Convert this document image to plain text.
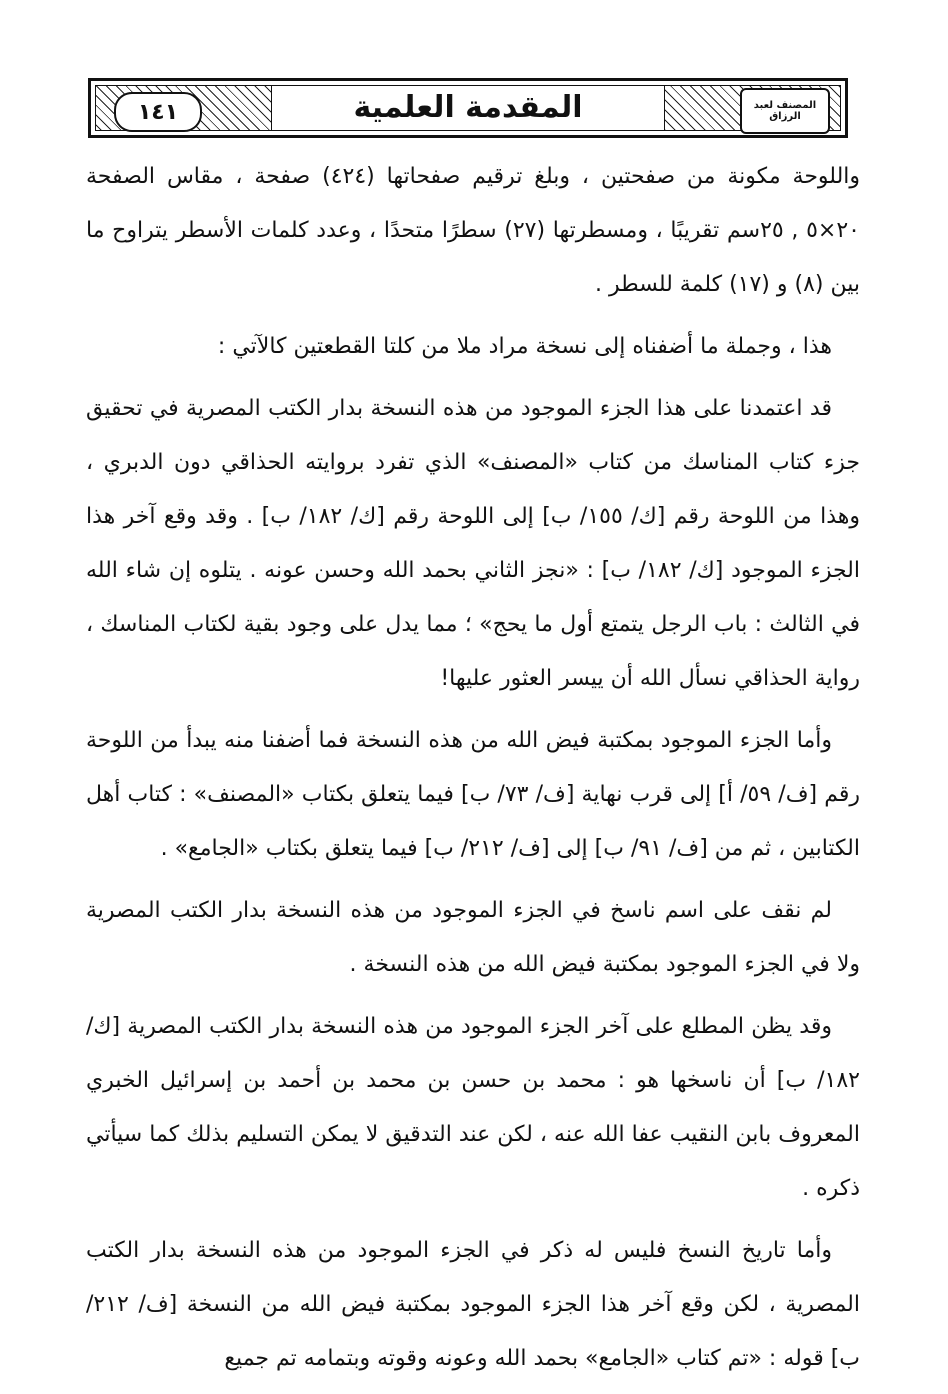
١٤١	المقدمة العلمية	المصنف لعبد الرزاق

واللوحة مكونة من صفحتين ، وبلغ ترقيم صفحاتها (٤٢٤) صفحة ، مقاس الصفحة ٢٠×٥ , ٢٥سم تقريبًا ، ومسطرتها (٢٧) سطرًا متحدًا ، وعدد كلمات الأسطر يتراوح ما بين (٨) و (١٧) كلمة للسطر .

هذا ، وجملة ما أضفناه إلى نسخة مراد ملا من كلتا القطعتين كالآتي :

قد اعتمدنا على هذا الجزء الموجود من هذه النسخة بدار الكتب المصرية في تحقيق جزء كتاب المناسك من كتاب «المصنف» الذي تفرد بروايته الحذاقي دون الدبري ، وهذا من اللوحة رقم [ك/ ١٥٥/ ب] إلى اللوحة رقم [ك/ ١٨٢/ ب] . وقد وقع آخر هذا الجزء الموجود [ك/ ١٨٢/ ب] : «نجز الثاني بحمد الله وحسن عونه . يتلوه إن شاء الله في الثالث : باب الرجل يتمتع أول ما يحج» ؛ مما يدل على وجود بقية لكتاب المناسك ، رواية الحذاقي نسأل الله أن ييسر العثور عليها!

وأما الجزء الموجود بمكتبة فيض الله من هذه النسخة فما أضفنا منه يبدأ من اللوحة رقم [ف/ ٥٩/ أ] إلى قرب نهاية [ف/ ٧٣/ ب] فيما يتعلق بكتاب «المصنف» : كتاب أهل الكتابين ، ثم من [ف/ ٩١/ ب] إلى [ف/ ٢١٢/ ب] فيما يتعلق بكتاب «الجامع» .

لم نقف على اسم ناسخ في الجزء الموجود من هذه النسخة بدار الكتب المصرية ولا في الجزء الموجود بمكتبة فيض الله من هذه النسخة .

وقد يظن المطلع على آخر الجزء الموجود من هذه النسخة بدار الكتب المصرية [ك/ ١٨٢/ ب] أن ناسخها هو : محمد بن حسن بن محمد بن أحمد بن إسرائيل الخبري المعروف بابن النقيب عفا الله عنه ، لكن عند التدقيق لا يمكن التسليم بذلك كما سيأتي ذكره .

وأما تاريخ النسخ فليس له ذكر في الجزء الموجود من هذه النسخة بدار الكتب المصرية ، لكن وقع آخر هذا الجزء الموجود بمكتبة فيض الله من النسخة [ف/ ٢١٢/ ب] قوله : «تم كتاب «الجامع» بحمد الله وعونه وقوته وبتمامه تم جميع
